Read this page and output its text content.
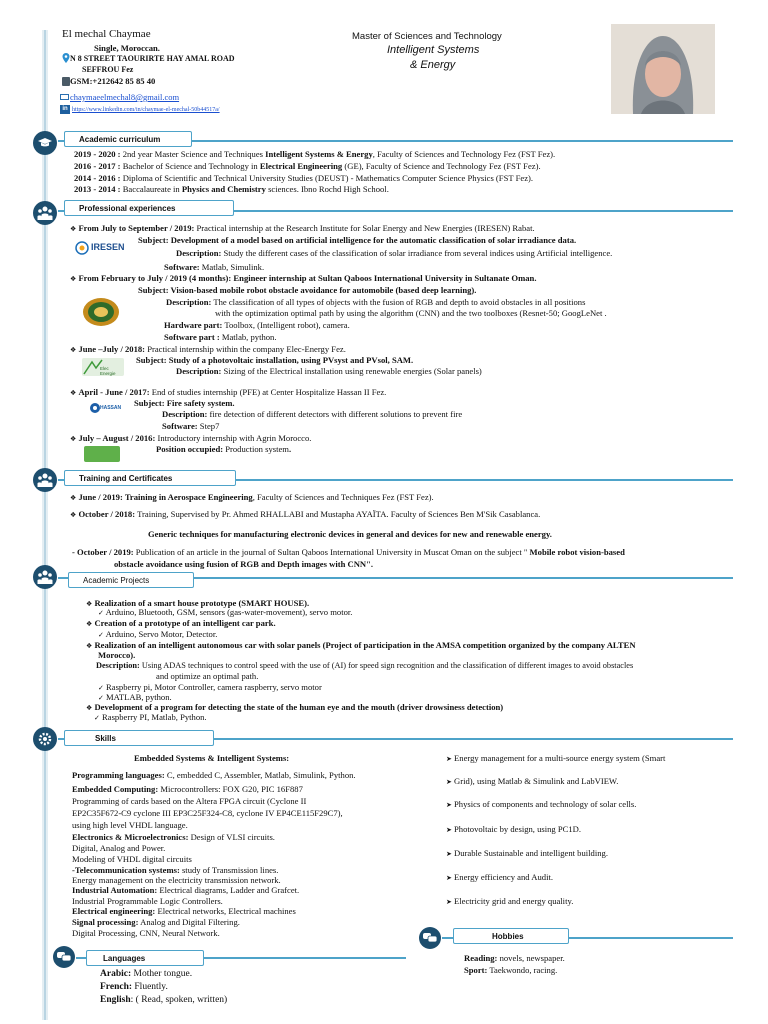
El mechal Chaymae
Single, Moroccan.
N 8 STREET TAOURIRTE HAY AMAL ROAD
SEFFROU Fez
GSM:+212642 85 85 40
chaymaeelmechal8@gmail.com
in https://www.linkedin.com/in/chaymae-el-mechal-50b44517a/
Master of Sciences and Technology
Intelligent Systems
& Energy
Academic curriculum
2019 - 2020 : 2nd year Master Science and Techniques Intelligent Systems & Energy, Faculty of Sciences and Technology Fez (FST Fez).
2016 - 2017 : Bachelor of Science and Technology in Electrical Engineering (GE), Faculty of Science and Technology Fez (FST Fez).
2014 - 2016 : Diploma of Scientific and Technical University Studies (DEUST) - Mathematics Computer Science Physics (FST Fez).
2013 - 2014 : Baccalaureate in Physics and Chemistry sciences. Ibno Rochd High School.
Professional experiences
❖ From July to September / 2019: Practical internship at the Research Institute for Solar Energy and New Energies (IRESEN) Rabat.
IRESEN
Subject: Development of a model based on artificial intelligence for the automatic classification of solar irradiance data.
Description: Study the different cases of the classification of solar irradiance from several indices using Artificial intelligence.
Software: Matlab, Simulink.
❖ From February to July / 2019 (4 months): Engineer internship at Sultan Qaboos International University in Sultanate Oman.
Subject: Vision-based mobile robot obstacle avoidance for automobile (based deep learning).
Description: The classification of all types of objects with the fusion of RGB and depth to avoid obstacles in all positions
with the optimization optimal path by using the algorithm (CNN) and the two toolboxes (Resnet-50; GoogLeNet .
Hardware part: Toolbox, (Intelligent robot), camera.
Software part : Matlab, python.
❖ June –July / 2018: Practical internship within the company Elec-Energy Fez.
Elec Energie
Subject: Study of a photovoltaic installation, using PVsyst and PVsol, SAM.
Description: Sizing of the Electrical installation using renewable energies (Solar panels)
❖ April - June / 2017: End of studies internship (PFE) at Center Hospitalize Hassan II Fez.
HASSAN Subject: Fire safety system.
Description: fire detection of different detectors with different solutions to prevent fire
Software: Step7
❖ July – August / 2016: Introductory internship with Agrin Morocco.
Position occupied: Production system.
Training and Certificates
❖ June / 2019: Training in Aerospace Engineering, Faculty of Sciences and Techniques Fez (FST Fez).
❖ October / 2018: Training, Supervised by Pr. Ahmed RHALLABI and Mustapha AYAÏTA. Faculty of Sciences Ben M'Sik Casablanca.
Generic techniques for manufacturing electronic devices in general and devices for new and renewable energy.
- October / 2019: Publication of an article in the journal of Sultan Qaboos International University in Muscat Oman on the subject " Mobile robot vision-based
obstacle avoidance using fusion of RGB and Depth images with CNN".
Academic Projects
❖ Realization of a smart house prototype (SMART HOUSE).
✓ Arduino, Bluetooth, GSM, sensors (gas-water-movement), servo motor.
❖ Creation of a prototype of an intelligent car park.
✓ Arduino, Servo Motor, Detector.
❖ Realization of an intelligent autonomous car with solar panels (Project of participation in the AMSA competition organized by the company ALTEN
Morocco).
Description: Using ADAS techniques to control speed with the use of (AI) for speed sign recognition and the classification of different images to avoid obstacles
and optimize an optimal path.
✓ Raspberry pi, Motor Controller, camera raspberry, servo motor
✓ MATLAB, python.
❖ Development of a program for detecting the state of the human eye and the mouth (driver drowsiness detection)
✓ Raspberry PI, Matlab, Python.
Skills
Embedded Systems & Intelligent Systems:
Programming languages: C, embedded C, Assembler, Matlab, Simulink, Python.
Embedded Computing: Microcontrollers: FOX G20, PIC 16F887
Programming of cards based on the Altera FPGA circuit (Cyclone II
EP2C35F672-C9 cyclone III EP3C25F324-C8, cyclone IV EP4CE115F29C7),
using high level VHDL language.
Electronics & Microelectronics: Design of VLSI circuits.
Digital, Analog and Power.
Modeling of VHDL digital circuits
-Telecommunication systems: study of Transmission lines.
Energy management on the electricity transmission network.
Industrial Automation: Electrical diagrams, Ladder and Grafcet.
Industrial Programmable Logic Controllers.
Electrical engineering: Electrical networks, Electrical machines
Signal processing: Analog and Digital Filtering.
Digital Processing, CNN, Neural Network.
➤ Energy management for a multi-source energy system (Smart
➤ Grid), using Matlab & Simulink and LabVIEW.
➤ Physics of components and technology of solar cells.
➤ Photovoltaic by design, using PC1D.
➤ Durable Sustainable and intelligent building.
➤ Energy efficiency and Audit.
➤ Electricity grid and energy quality.
Hobbies
Reading: novels, newspaper.
Sport: Taekwondo, racing.
Languages
Arabic: Mother tongue.
French: Fluently.
English: ( Read, spoken, written)
